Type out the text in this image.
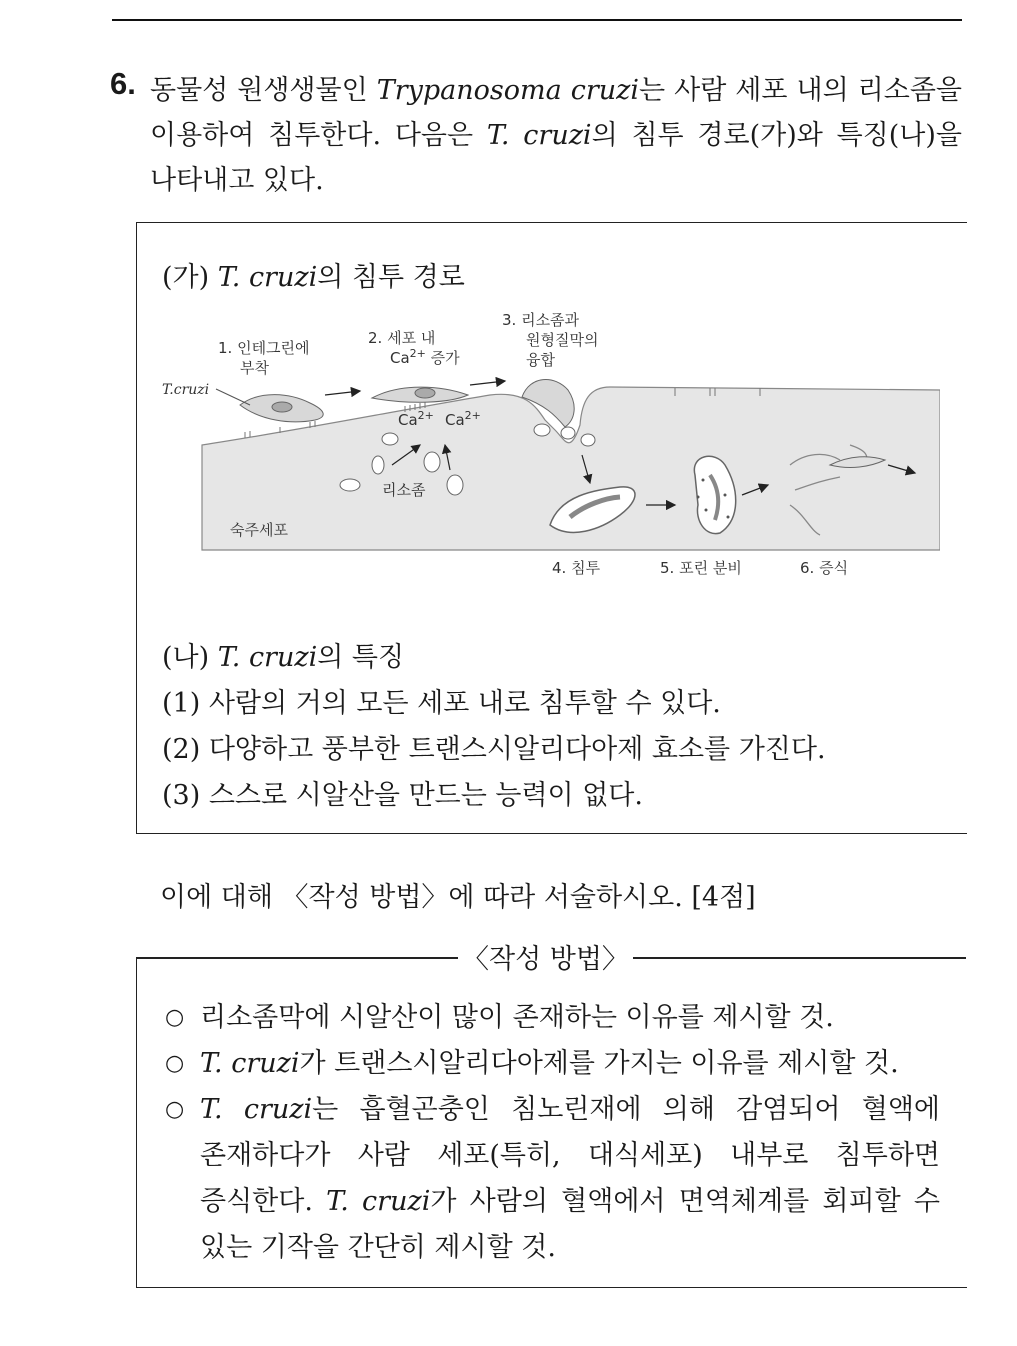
6. 동물성 원생생물인 Trypanosoma cruzi는 사람 세포 내의 리소좀을
이용하여 침투한다. 다음은 T. cruzi의 침투 경로(가)와 특징(나)을
나타내고 있다.
(가) T. cruzi의 침투 경로
T.cruzi
1. 인테그린에
부착
2. 세포 내
$Ca^{2+}$ 증가
3. 리소좀과
원형질막의
융합
$Ca^{2+}$ $Ca^{2+}$
리소좀
숙주세포
4. 침투	5. 포린 분비	6. 증식
(나) T. cruzi의 특징
(1) 사람의 거의 모든 세포 내로 침투할 수 있다.
(2) 다양하고 풍부한 트랜스시알리다아제 효소를 가진다.
(3) 스스로 시알산을 만드는 능력이 없다.
이에 대해 〈작성 방법〉에 따라 서술하시오. [4점]
〈작성 방법〉
○ 리소좀막에 시알산이 많이 존재하는 이유를 제시할 것.
○ T. cruzi가 트랜스시알리다아제를 가지는 이유를 제시할 것.
○ T. cruzi는 흡혈곤충인 침노린재에 의해 감염되어 혈액에
존재하다가 사람 세포(특히, 대식세포) 내부로 침투하면
증식한다. T. cruzi가 사람의 혈액에서 면역체계를 회피할 수
있는 기작을 간단히 제시할 것.
